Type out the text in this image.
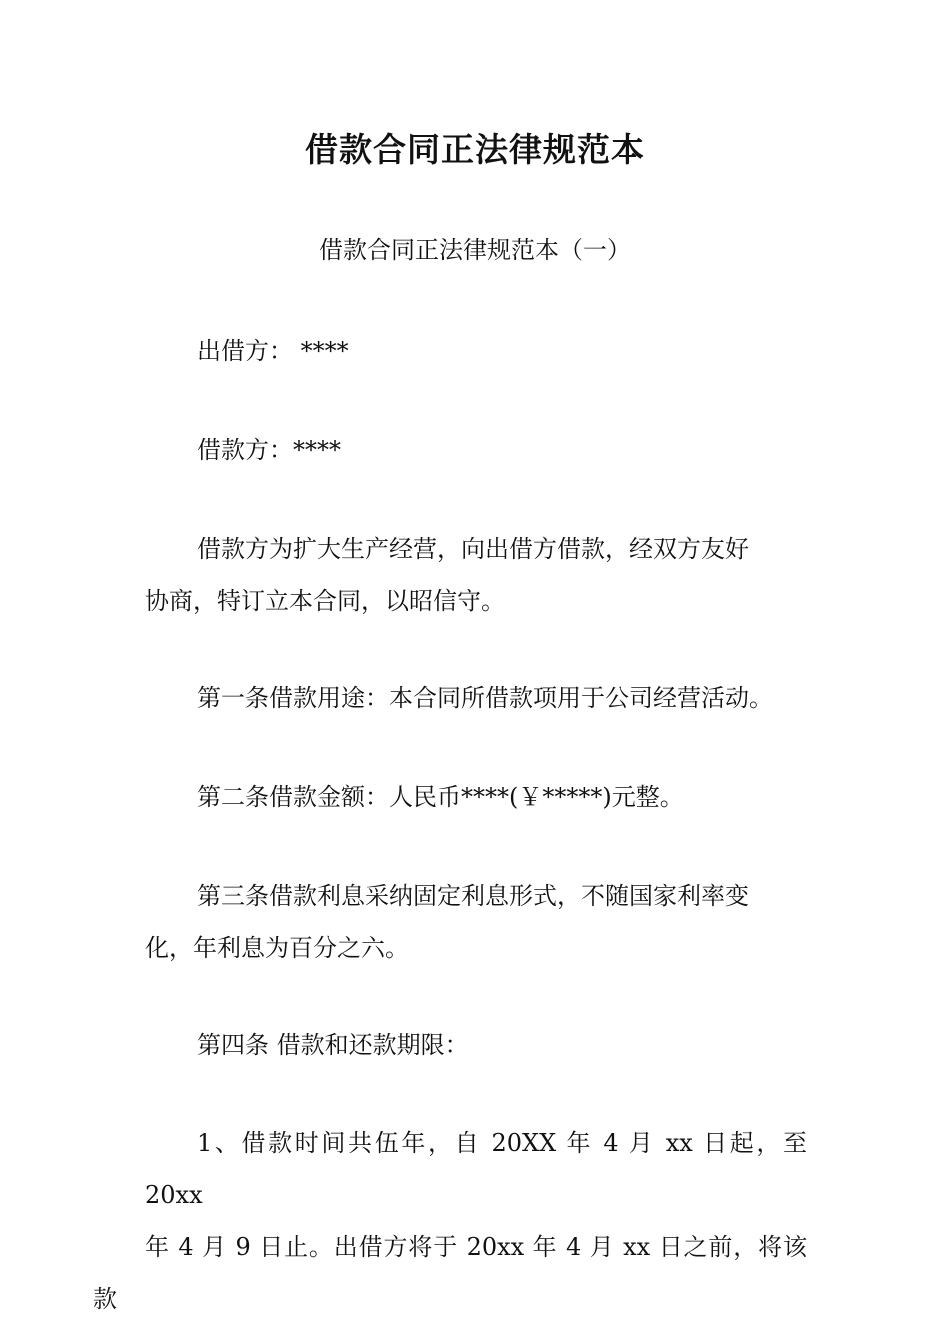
借款合同正法律规范本
借款合同正法律规范本（一）

出借方： ****

借款方：****

借款方为扩大生产经营，向出借方借款，经双方友好
协商，特订立本合同，以昭信守。

第一条借款用途：本合同所借款项用于公司经营活动。

第二条借款金额：人民币****(￥*****)元整。

第三条借款利息采纳固定利息形式，不随国家利率变
化，年利息为百分之六。

第四条 借款和还款期限：

1、借款时间共伍年，自 20XX 年 4 月 xx 日起，至 20xx
年 4 月 9 日止。出借方将于 20xx 年 4 月 xx 日之前，将该款
